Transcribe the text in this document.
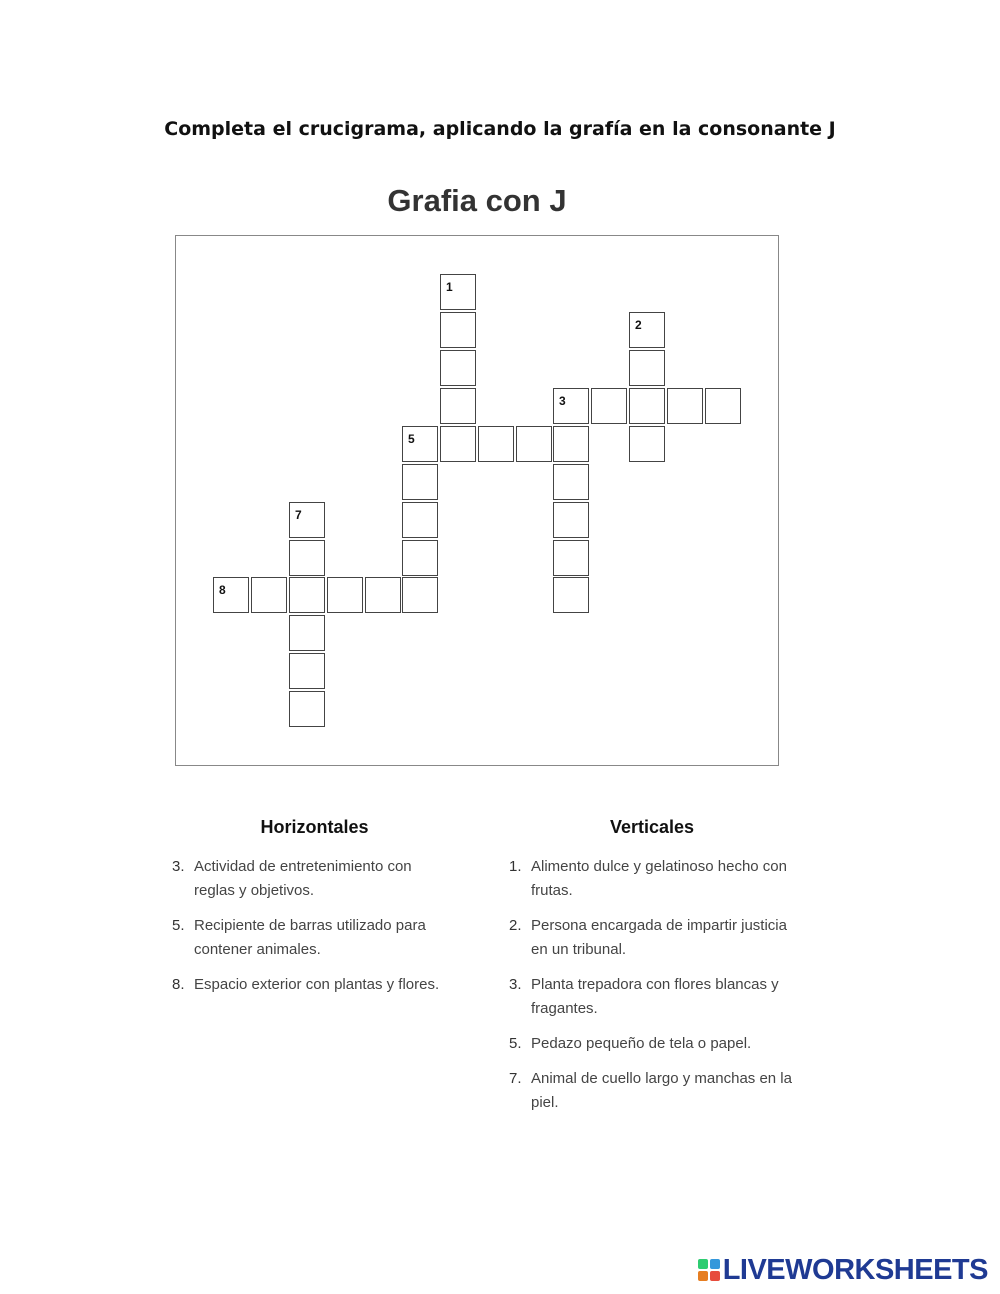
Completa el crucigrama, aplicando la grafía en la consonante J
Grafia con J
1
2
3
5
7
8
Horizontales
3. Actividad de entretenimiento con reglas y objetivos.
5. Recipiente de barras utilizado para contener animales.
8. Espacio exterior con plantas y flores.
Verticales
1. Alimento dulce y gelatinoso hecho con frutas.
2. Persona encargada de impartir justicia en un tribunal.
3. Planta trepadora con flores blancas y fragantes.
5. Pedazo pequeño de tela o papel.
7. Animal de cuello largo y manchas en la piel.
LIVEWORKSHEETS
